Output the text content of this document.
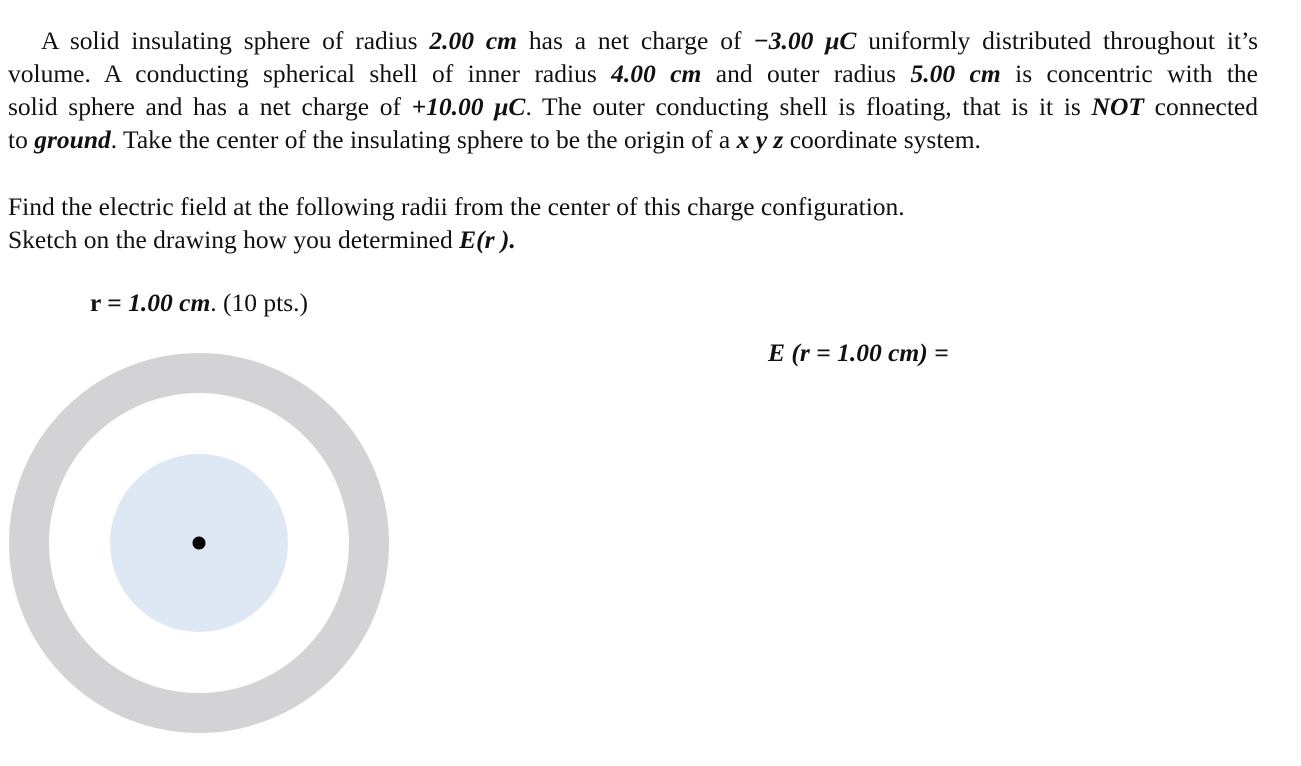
A solid insulating sphere of radius 2.00 cm has a net charge of −3.00 μC uniformly distributed throughout it’s
volume. A conducting spherical shell of inner radius 4.00 cm and outer radius 5.00 cm is concentric with the
solid sphere and has a net charge of +10.00 μC. The outer conducting shell is floating, that is it is NOT connected
to ground. Take the center of the insulating sphere to be the origin of a x y z coordinate system.
Find the electric field at the following radii from the center of this charge configuration.
Sketch on the drawing how you determined E(r ).
r = 1.00 cm. (10 pts.)
E (r = 1.00 cm) =
